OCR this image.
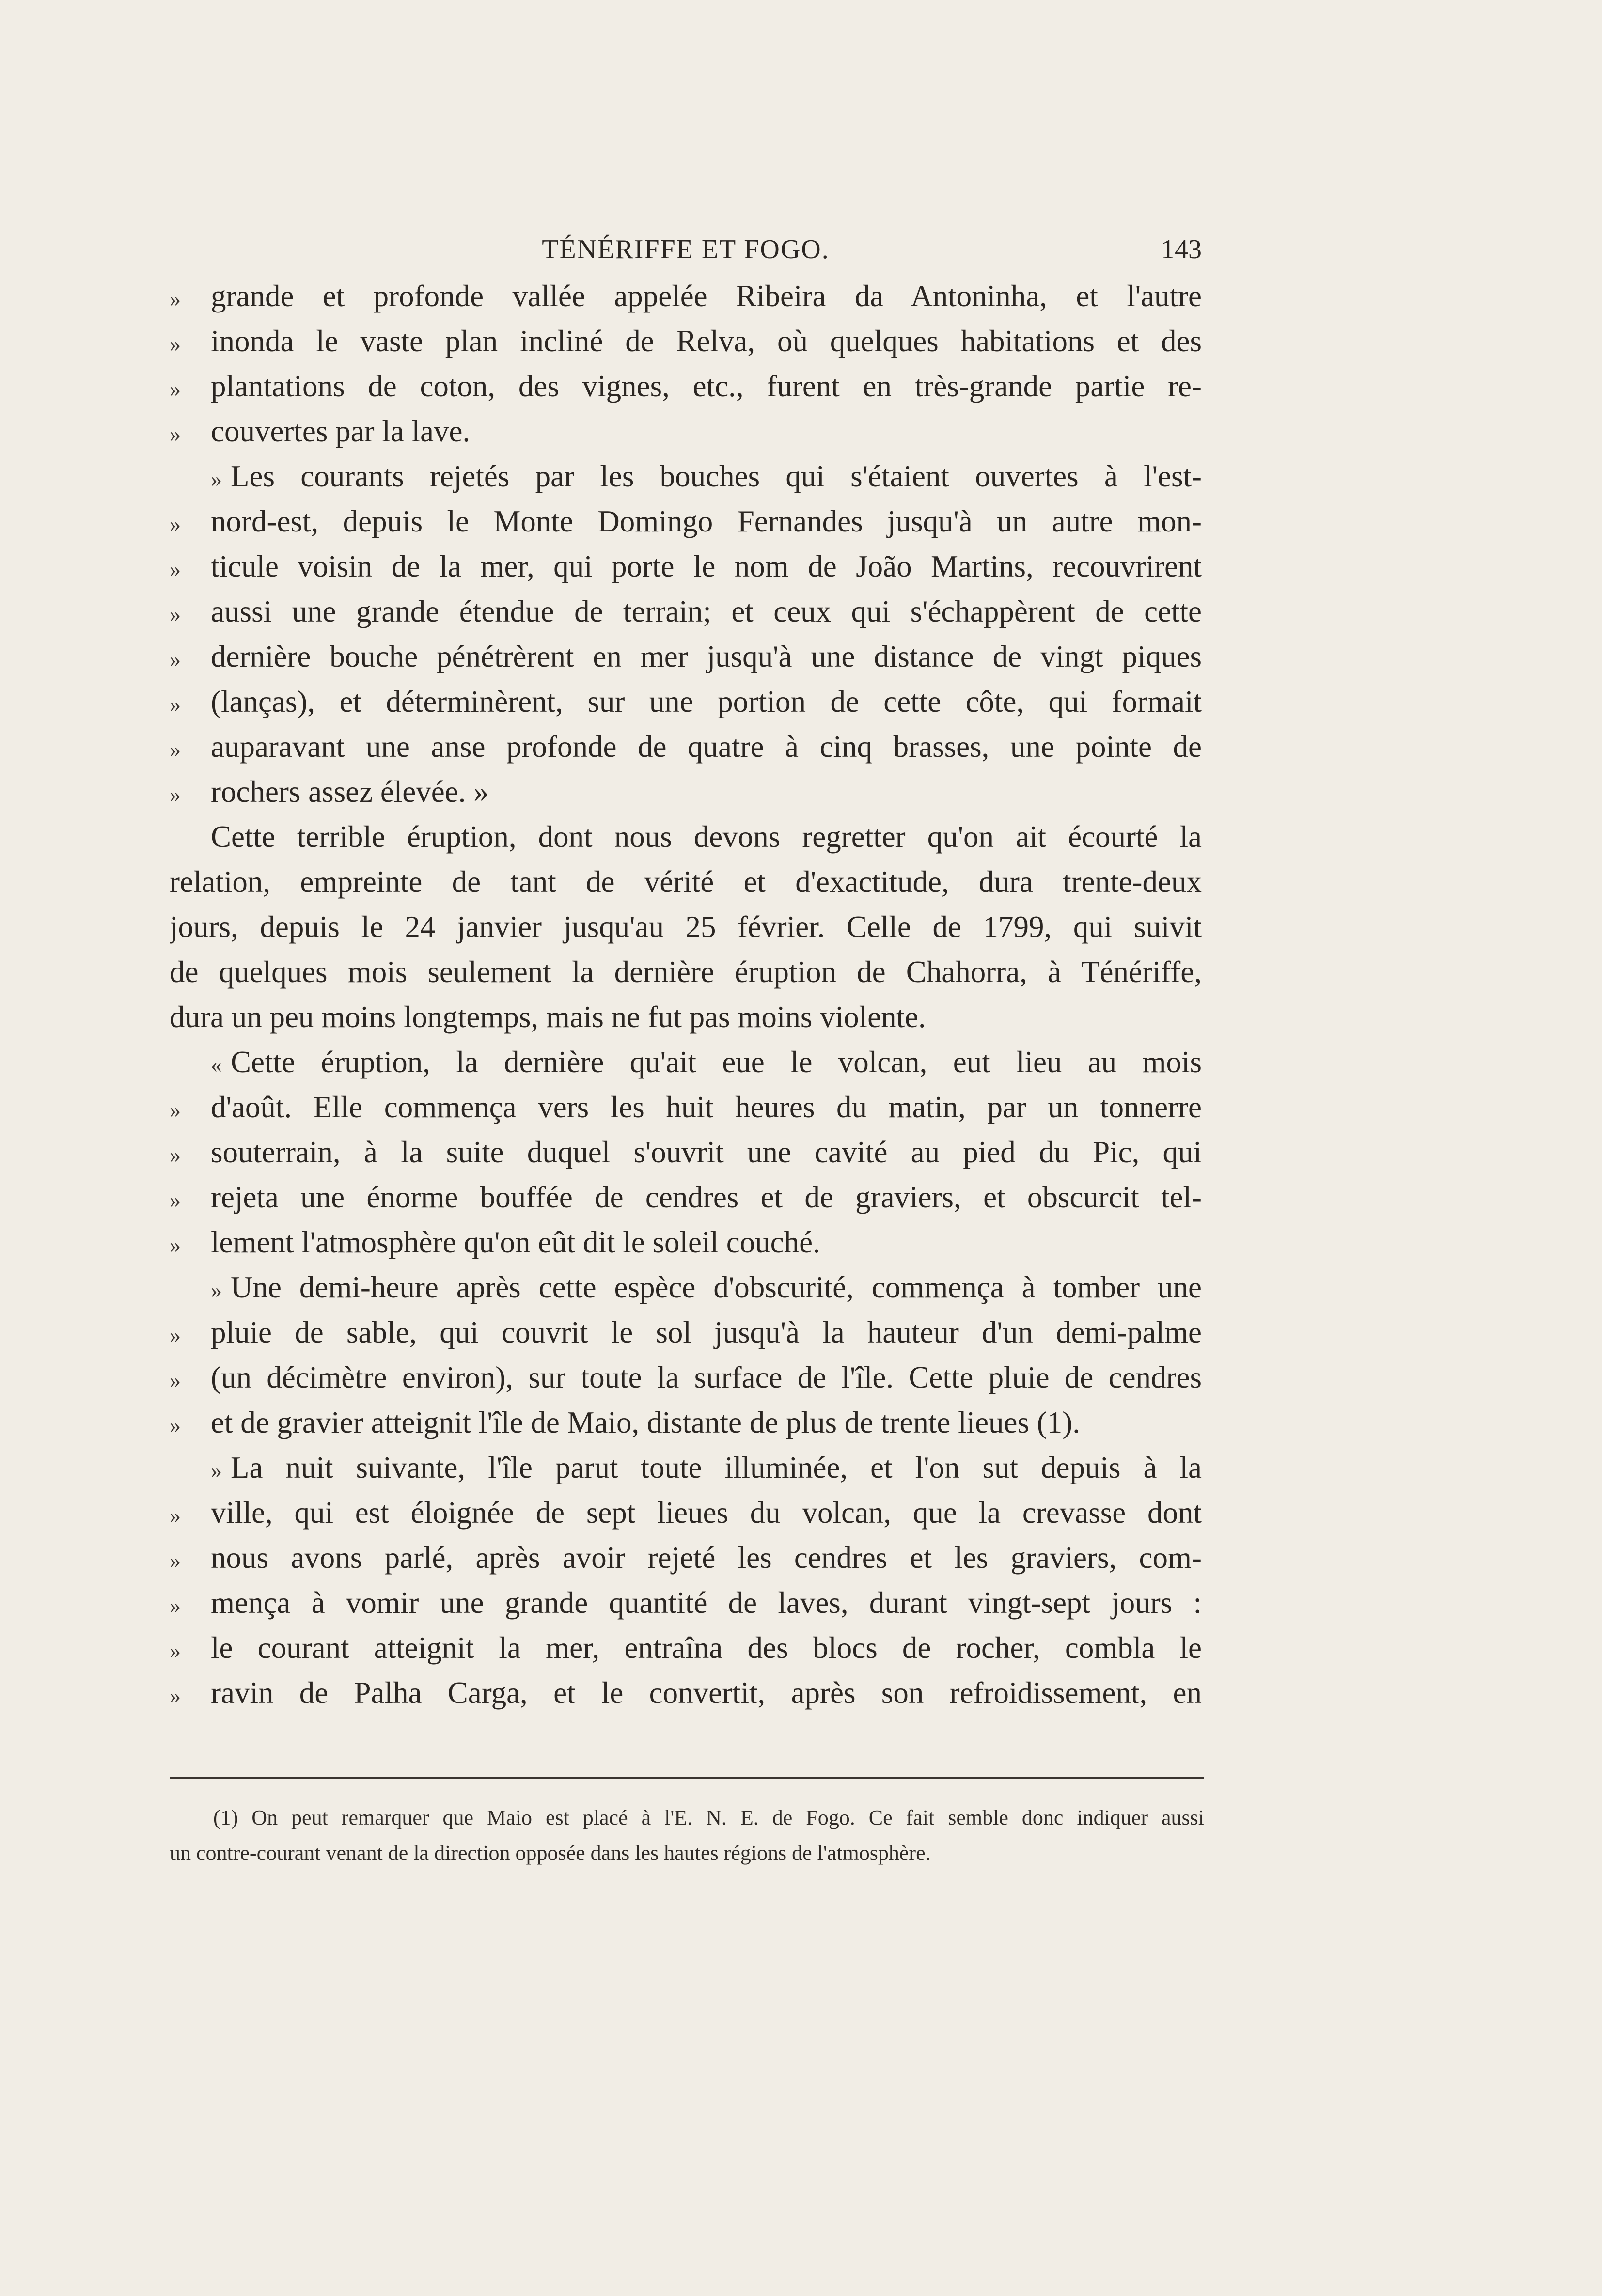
TÉNÉRIFFE ET FOGO.	143
» grande et profonde vallée appelée Ribeira da Antoninha, et l'autre
» inonda le vaste plan incliné de Relva, où quelques habitations et des
» plantations de coton, des vignes, etc., furent en très-grande partie re-
» couvertes par la lave.
» Les courants rejetés par les bouches qui s'étaient ouvertes à l'est-
» nord-est, depuis le Monte Domingo Fernandes jusqu'à un autre mon-
» ticule voisin de la mer, qui porte le nom de João Martins, recouvrirent
» aussi une grande étendue de terrain; et ceux qui s'échappèrent de cette
» dernière bouche pénétrèrent en mer jusqu'à une distance de vingt piques
» (lanças), et déterminèrent, sur une portion de cette côte, qui formait
» auparavant une anse profonde de quatre à cinq brasses, une pointe de
» rochers assez élevée. »
Cette terrible éruption, dont nous devons regretter qu'on ait écourté la
relation, empreinte de tant de vérité et d'exactitude, dura trente-deux
jours, depuis le 24 janvier jusqu'au 25 février. Celle de 1799, qui suivit
de quelques mois seulement la dernière éruption de Chahorra, à Ténériffe,
dura un peu moins longtemps, mais ne fut pas moins violente.
« Cette éruption, la dernière qu'ait eue le volcan, eut lieu au mois
» d'août. Elle commença vers les huit heures du matin, par un tonnerre
» souterrain, à la suite duquel s'ouvrit une cavité au pied du Pic, qui
» rejeta une énorme bouffée de cendres et de graviers, et obscurcit tel-
» lement l'atmosphère qu'on eût dit le soleil couché.
» Une demi-heure après cette espèce d'obscurité, commença à tomber une
» pluie de sable, qui couvrit le sol jusqu'à la hauteur d'un demi-palme
» (un décimètre environ), sur toute la surface de l'île. Cette pluie de cendres
» et de gravier atteignit l'île de Maio, distante de plus de trente lieues (1).
» La nuit suivante, l'île parut toute illuminée, et l'on sut depuis à la
» ville, qui est éloignée de sept lieues du volcan, que la crevasse dont
» nous avons parlé, après avoir rejeté les cendres et les graviers, com-
» mença à vomir une grande quantité de laves, durant vingt-sept jours :
» le courant atteignit la mer, entraîna des blocs de rocher, combla le
» ravin de Palha Carga, et le convertit, après son refroidissement, en
(1) On peut remarquer que Maio est placé à l'E. N. E. de Fogo. Ce fait semble donc indiquer aussi
un contre-courant venant de la direction opposée dans les hautes régions de l'atmosphère.
